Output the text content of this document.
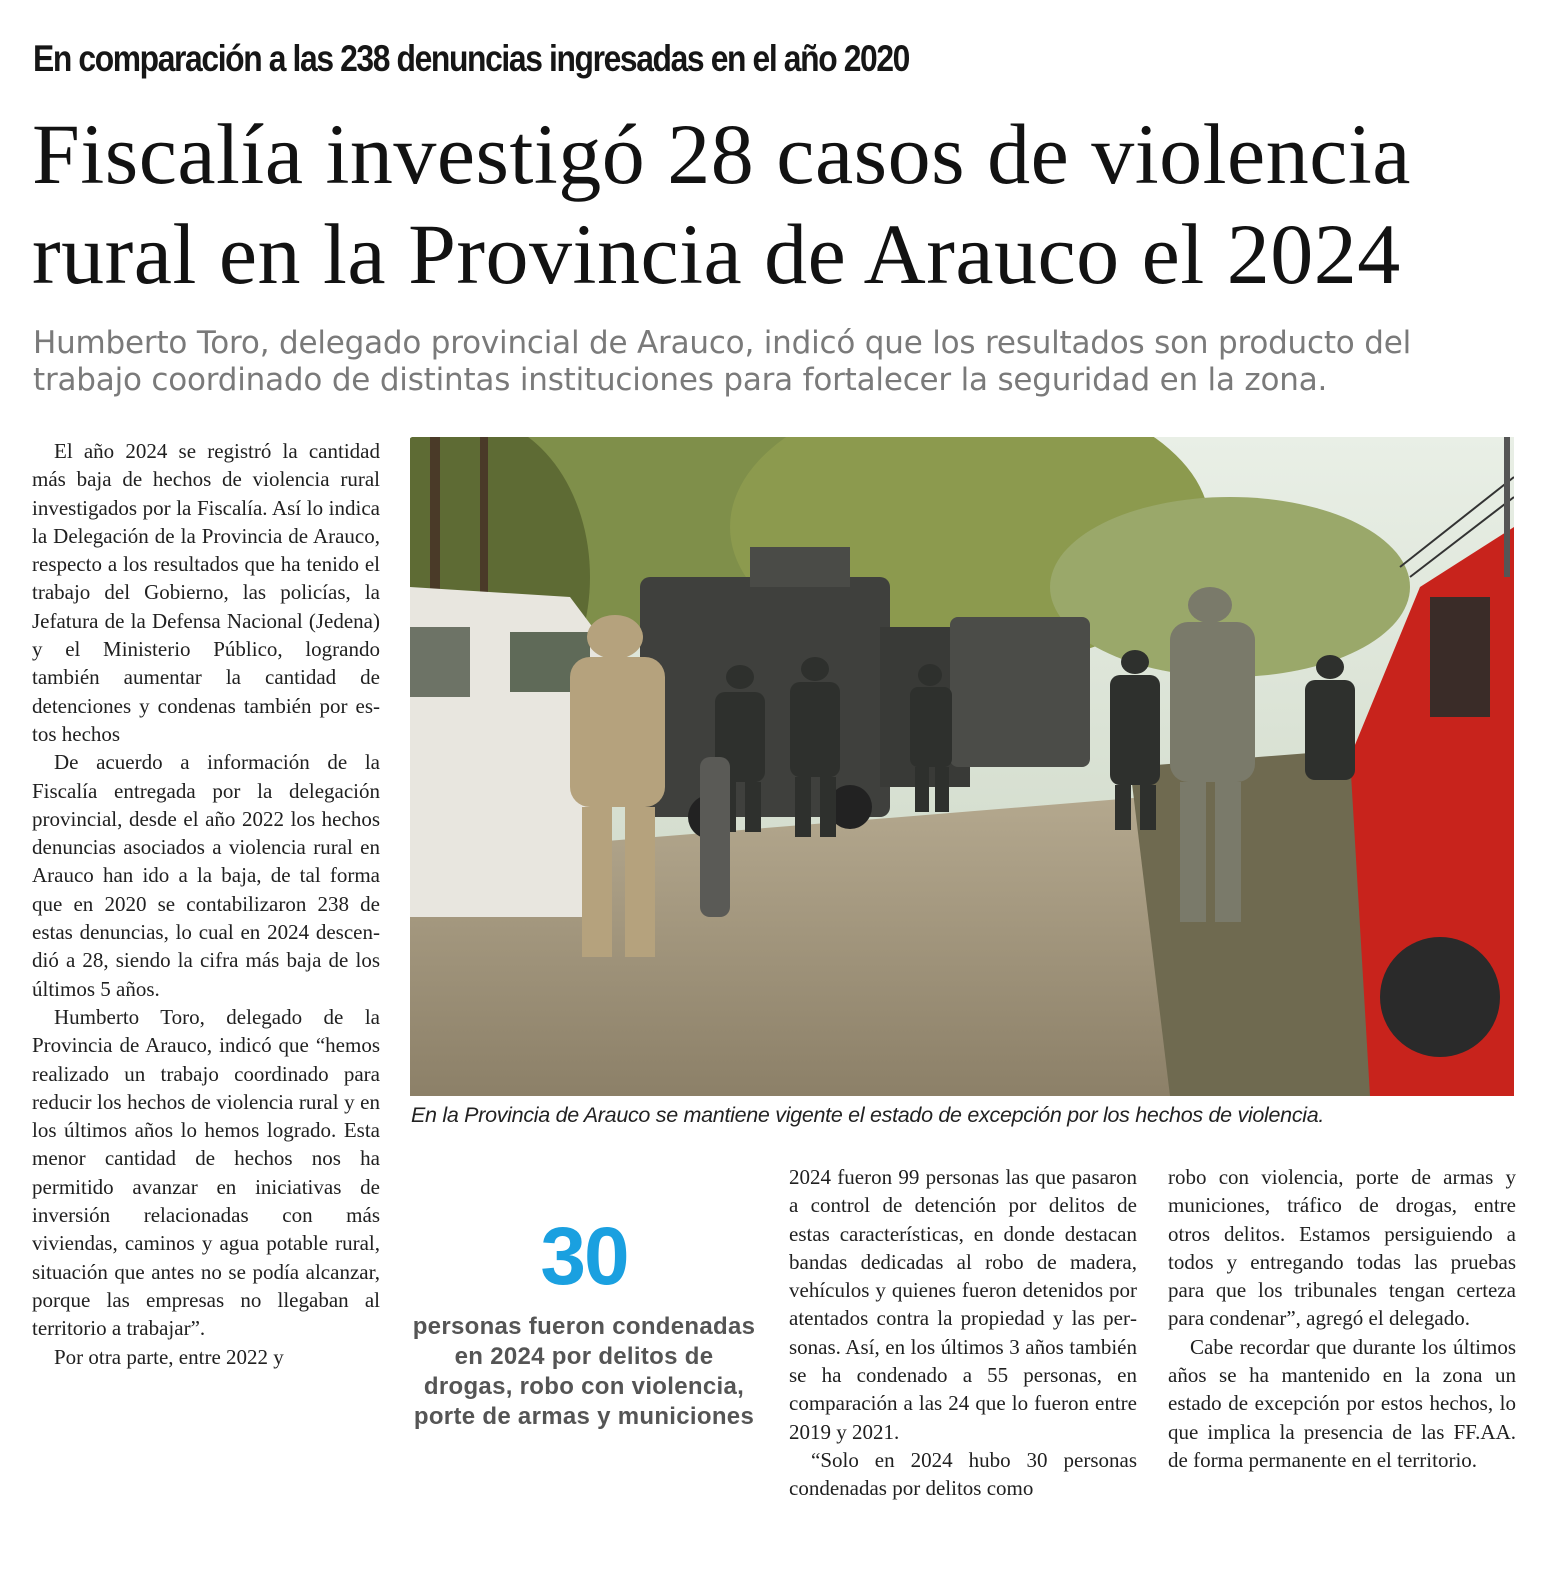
En comparación a las 238 denuncias ingresadas en el año 2020
Fiscalía investigó 28 casos de violencia
rural en la Provincia de Arauco el 2024
Humberto Toro, delegado provincial de Arauco, indicó que los resultados son producto del
trabajo coordinado de distintas instituciones para fortalecer la seguridad en la zona.

El año 2024 se registró la cantidad más baja de hechos de violencia rural investigados por la Fiscalía. Así lo indica la Delegación de la Provincia de Arauco, respecto a los resultados que ha tenido el trabajo del Gobierno, las policías, la Jefatura de la Defensa Nacional (Jedena) y el Ministerio Público, logrando también aumentar la cantidad de detenciones y condenas también por estos hechos

De acuerdo a información de la Fiscalía entregada por la delegación provincial, desde el año 2022 los hechos denuncias asociados a violencia rural en Arauco han ido a la baja, de tal forma que en 2020 se contabilizaron 238 de estas denuncias, lo cual en 2024 descendió a 28, siendo la cifra más baja de los últimos 5 años.

Humberto Toro, delegado de la Provincia de Arauco, indicó que “hemos realizado un trabajo coordinado para reducir los hechos de violencia rural y en los últimos años lo hemos logrado. Esta menor cantidad de hechos nos ha permitido avanzar en iniciativas de inversión relacionadas con más viviendas, caminos y agua potable rural, situación que antes no se podía alcanzar, porque las empresas no llegaban al territorio a trabajar”.

Por otra parte, entre 2022 y

En la Provincia de Arauco se mantiene vigente el estado de excepción por los hechos de violencia.
30
personas fueron condenadas en 2024 por delitos de drogas, robo con violencia, porte de armas y municiones

2024 fueron 99 personas las que pasaron a control de detención por delitos de estas características, en donde destacan bandas dedicadas al robo de madera, vehículos y quienes fueron detenidos por atentados contra la propiedad y las personas. Así, en los últimos 3 años también se ha condenado a 55 personas, en comparación a las 24 que lo fueron entre 2019 y 2021.

“Solo en 2024 hubo 30 personas condenadas por delitos como

robo con violencia, porte de armas y municiones, tráfico de drogas, entre otros delitos. Estamos persiguiendo a todos y entregando todas las pruebas para que los tribunales tengan certeza para condenar”, agregó el delegado.

Cabe recordar que durante los últimos años se ha mantenido en la zona un estado de excepción por estos hechos, lo que implica la presencia de las FF.AA. de forma permanente en el territorio.
